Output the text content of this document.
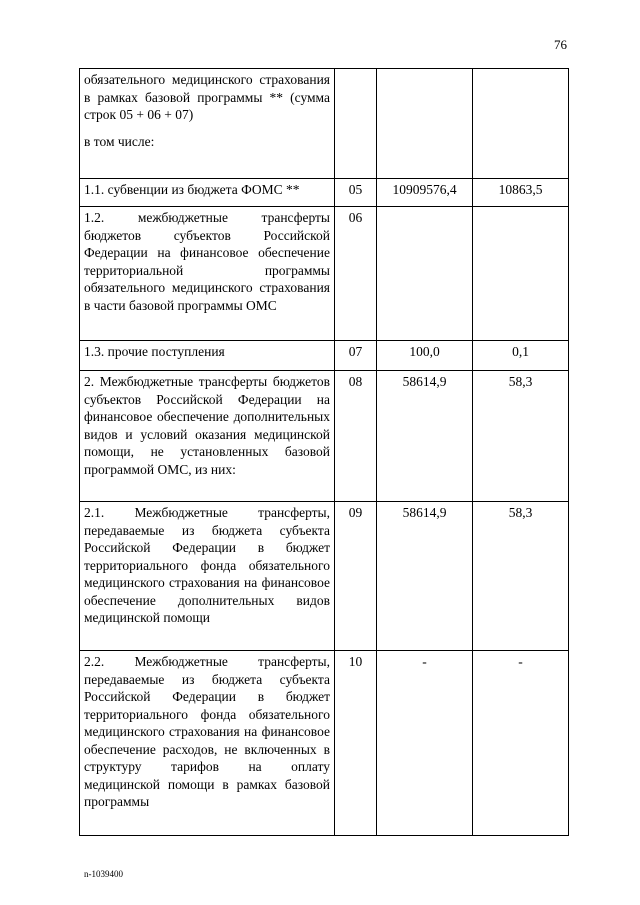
76
обязательного медицинского страхования в рамках базовой программы ** (сумма строк 05 + 06 + 07)
в том числе:			
1.1. субвенции из бюджета ФОМС **	05	10909576,4	10863,5
1.2. межбюджетные трансферты бюджетов субъектов Российской Федерации на финансовое обеспечение территориальной программы обязательного медицинского страхования в части базовой программы ОМС	06		
1.3. прочие поступления	07	100,0	0,1
2. Межбюджетные трансферты бюджетов субъектов Российской Федерации на финансовое обеспечение дополнительных видов и условий оказания медицинской помощи, не установленных базовой программой ОМС, из них:	08	58614,9	58,3
2.1. Межбюджетные трансферты, передаваемые из бюджета субъекта Российской Федерации в бюджет территориального фонда обязательного медицинского страхования на финансовое обеспечение дополнительных видов медицинской помощи	09	58614,9	58,3
2.2. Межбюджетные трансферты, передаваемые из бюджета субъекта Российской Федерации в бюджет территориального фонда обязательного медицинского страхования на финансовое обеспечение расходов, не включенных в структуру тарифов на оплату медицинской помощи в рамках базовой программы	10	-	-
n-1039400
